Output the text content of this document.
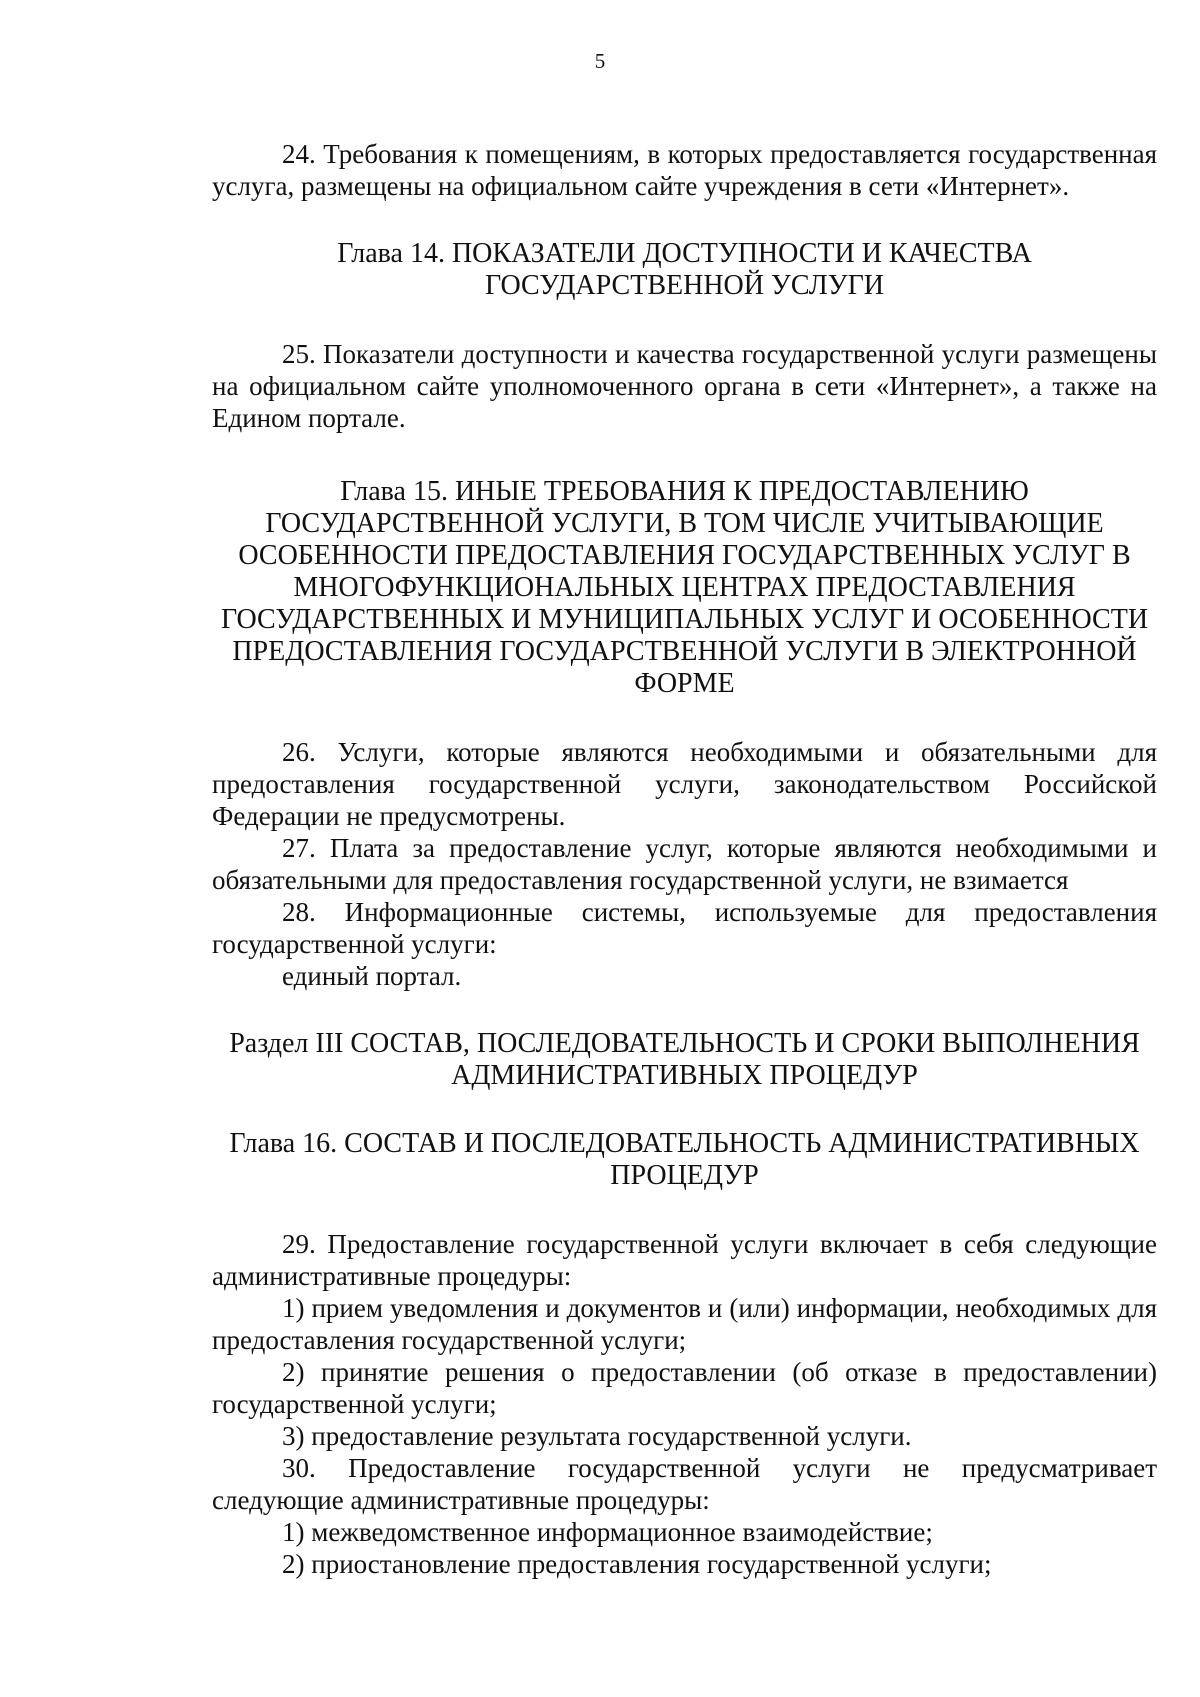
5

24. Требования к помещениям, в которых предоставляется государственная услуга, размещены на официальном сайте учреждения в сети «Интернет».

Глава 14. ПОКАЗАТЕЛИ ДОСТУПНОСТИ И КАЧЕСТВА ГОСУДАРСТВЕННОЙ УСЛУГИ

25. Показатели доступности и качества государственной услуги размещены на официальном сайте уполномоченного органа в сети «Интернет», а также на Едином портале.

Глава 15. ИНЫЕ ТРЕБОВАНИЯ К ПРЕДОСТАВЛЕНИЮ ГОСУДАРСТВЕННОЙ УСЛУГИ, В ТОМ ЧИСЛЕ УЧИТЫВАЮЩИЕ ОСОБЕННОСТИ ПРЕДОСТАВЛЕНИЯ ГОСУДАРСТВЕННЫХ УСЛУГ В МНОГОФУНКЦИОНАЛЬНЫХ ЦЕНТРАХ ПРЕДОСТАВЛЕНИЯ ГОСУДАРСТВЕННЫХ И МУНИЦИПАЛЬНЫХ УСЛУГ И ОСОБЕННОСТИ ПРЕДОСТАВЛЕНИЯ ГОСУДАРСТВЕННОЙ УСЛУГИ В ЭЛЕКТРОННОЙ ФОРМЕ

26. Услуги, которые являются необходимыми и обязательными для предоставления государственной услуги, законодательством Российской Федерации не предусмотрены.

27. Плата за предоставление услуг, которые являются необходимыми и обязательными для предоставления государственной услуги, не взимается

28. Информационные системы, используемые для предоставления государственной услуги:

единый портал.

Раздел III СОСТАВ, ПОСЛЕДОВАТЕЛЬНОСТЬ И СРОКИ ВЫПОЛНЕНИЯ АДМИНИСТРАТИВНЫХ ПРОЦЕДУР

Глава 16. СОСТАВ И ПОСЛЕДОВАТЕЛЬНОСТЬ АДМИНИСТРАТИВНЫХ ПРОЦЕДУР

29. Предоставление государственной услуги включает в себя следующие административные процедуры:

1) прием уведомления и документов и (или) информации, необходимых для предоставления государственной услуги;

2) принятие решения о предоставлении (об отказе в предоставлении) государственной услуги;

3) предоставление результата государственной услуги.

30. Предоставление государственной услуги не предусматривает следующие административные процедуры:

1) межведомственное информационное взаимодействие;

2) приостановление предоставления государственной услуги;
